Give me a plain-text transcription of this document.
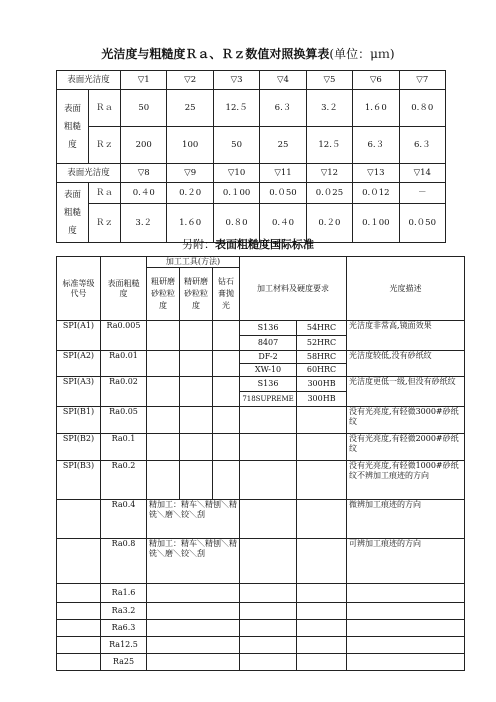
光洁度与粗糙度Ｒａ、Ｒｚ数值对照换算表(单位：μｍ)
表面光洁度		▽1	▽2	▽3	▽4	▽5	▽6	▽7
表面粗糙度	Ｒａ	50	25	12.５	6.３	3.２	1.６0	0.８0
	Ｒｚ	200	100	50	25	12.５	6.３	6.３
表面光洁度		▽8	▽9	▽10	▽11	▽12	▽13	▽14
表面粗糙度	Ｒａ	0.４0	0.２0	0.１00	0.０50	0.０25	0.０12	－
	Ｒｚ	3.２	1.６0	0.８0	0.４0	0.２0	0.１00	0.０50
另附：表面粗糙度国际标准
标准等级代号	表面粗糙度	加工工具(方法)			加工材料及硬度要求		光度描述
		粗研磨砂粒粒度	精研磨砂粒粒度	钻石膏抛光			
SPI(A1)	Ra0.005				S136	54HRC	光洁度非常高,镜面效果
					8407	52HRC	
SPI(A2)	Ra0.01				DF-2	58HRC	光洁度较低,没有砂纸纹
					XW-10	60HRC	
SPI(A3)	Ra0.02				S136	300HB	光洁度更低一级,但没有砂纸纹
					718SUPREME	300HB	
SPI(B1)	Ra0.05						没有光亮度,有轻微3000#砂纸纹
SPI(B2)	Ra0.1						没有光亮度,有轻微2000#砂纸纹
SPI(B3)	Ra0.2						没有光亮度,有轻微1000#砂纸纹不辨加工痕迹的方向
	Ra0.4	精加工：精车＼精刨＼精铣＼磨＼铰＼刮					微辨加工痕迹的方向
	Ra0.8	精加工：精车＼精刨＼精铣＼磨＼铰＼刮					可辨加工痕迹的方向
	Ra1.6						
	Ra3.2						
	Ra6.3						
	Ra12.5						
	Ra25						
